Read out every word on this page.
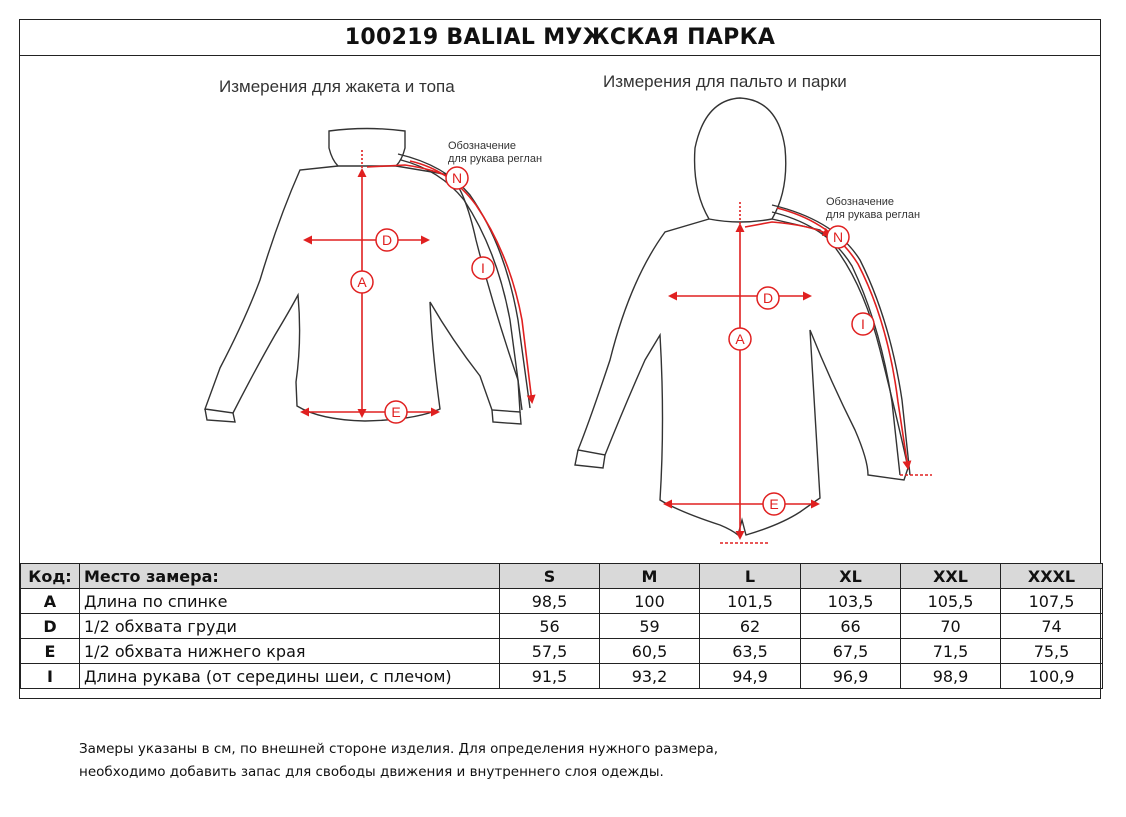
100219 BALIAL МУЖСКАЯ ПАРКА
A
D
E
N
I
A
D
E
N
I
Измерения для жакета и топа	Измерения для пальто и парки
Обозначение
для рукава реглан
Обозначение
для рукава реглан
Код:	Место замера:	S	M	L	XL	XXL	XXXL
A	Длина по спинке	98,5	100	101,5	103,5	105,5	107,5
D	1/2 обхвата груди	56	59	62	66	70	74
E	1/2 обхвата нижнего края	57,5	60,5	63,5	67,5	71,5	75,5
I	Длина рукава (от середины шеи, с плечом)	91,5	93,2	94,9	96,9	98,9	100,9
Замеры указаны в см, по внешней стороне изделия. Для определения нужного размера,
необходимо добавить запас для свободы движения и внутреннего слоя одежды.
